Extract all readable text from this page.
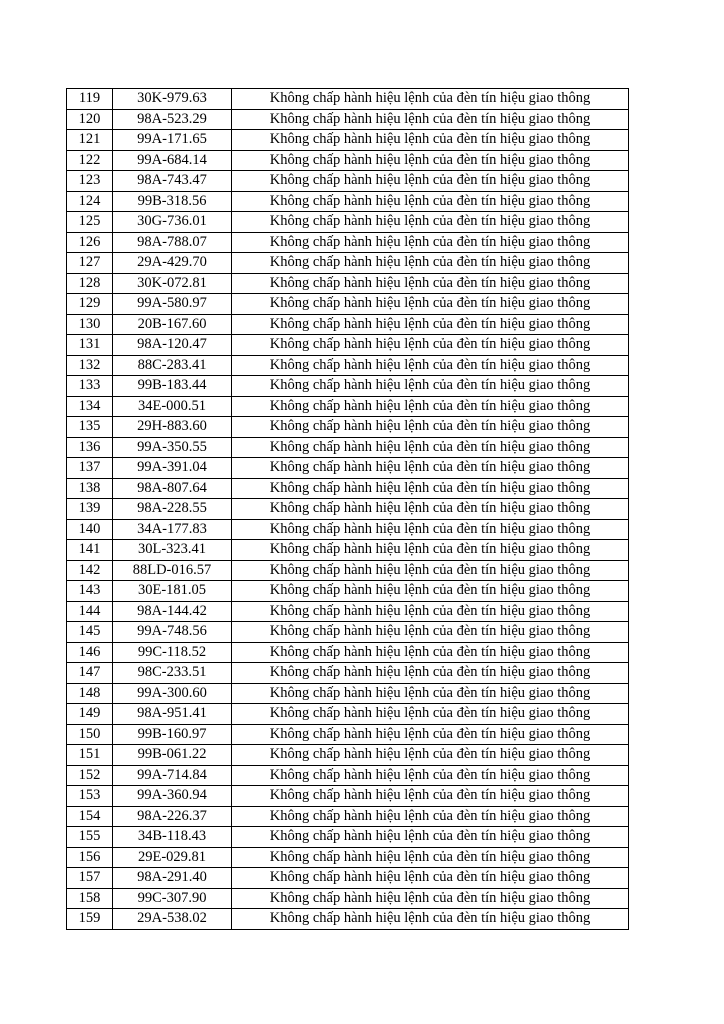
119	30K-979.63	Không chấp hành hiệu lệnh của đèn tín hiệu giao thông
120	98A-523.29	Không chấp hành hiệu lệnh của đèn tín hiệu giao thông
121	99A-171.65	Không chấp hành hiệu lệnh của đèn tín hiệu giao thông
122	99A-684.14	Không chấp hành hiệu lệnh của đèn tín hiệu giao thông
123	98A-743.47	Không chấp hành hiệu lệnh của đèn tín hiệu giao thông
124	99B-318.56	Không chấp hành hiệu lệnh của đèn tín hiệu giao thông
125	30G-736.01	Không chấp hành hiệu lệnh của đèn tín hiệu giao thông
126	98A-788.07	Không chấp hành hiệu lệnh của đèn tín hiệu giao thông
127	29A-429.70	Không chấp hành hiệu lệnh của đèn tín hiệu giao thông
128	30K-072.81	Không chấp hành hiệu lệnh của đèn tín hiệu giao thông
129	99A-580.97	Không chấp hành hiệu lệnh của đèn tín hiệu giao thông
130	20B-167.60	Không chấp hành hiệu lệnh của đèn tín hiệu giao thông
131	98A-120.47	Không chấp hành hiệu lệnh của đèn tín hiệu giao thông
132	88C-283.41	Không chấp hành hiệu lệnh của đèn tín hiệu giao thông
133	99B-183.44	Không chấp hành hiệu lệnh của đèn tín hiệu giao thông
134	34E-000.51	Không chấp hành hiệu lệnh của đèn tín hiệu giao thông
135	29H-883.60	Không chấp hành hiệu lệnh của đèn tín hiệu giao thông
136	99A-350.55	Không chấp hành hiệu lệnh của đèn tín hiệu giao thông
137	99A-391.04	Không chấp hành hiệu lệnh của đèn tín hiệu giao thông
138	98A-807.64	Không chấp hành hiệu lệnh của đèn tín hiệu giao thông
139	98A-228.55	Không chấp hành hiệu lệnh của đèn tín hiệu giao thông
140	34A-177.83	Không chấp hành hiệu lệnh của đèn tín hiệu giao thông
141	30L-323.41	Không chấp hành hiệu lệnh của đèn tín hiệu giao thông
142	88LD-016.57	Không chấp hành hiệu lệnh của đèn tín hiệu giao thông
143	30E-181.05	Không chấp hành hiệu lệnh của đèn tín hiệu giao thông
144	98A-144.42	Không chấp hành hiệu lệnh của đèn tín hiệu giao thông
145	99A-748.56	Không chấp hành hiệu lệnh của đèn tín hiệu giao thông
146	99C-118.52	Không chấp hành hiệu lệnh của đèn tín hiệu giao thông
147	98C-233.51	Không chấp hành hiệu lệnh của đèn tín hiệu giao thông
148	99A-300.60	Không chấp hành hiệu lệnh của đèn tín hiệu giao thông
149	98A-951.41	Không chấp hành hiệu lệnh của đèn tín hiệu giao thông
150	99B-160.97	Không chấp hành hiệu lệnh của đèn tín hiệu giao thông
151	99B-061.22	Không chấp hành hiệu lệnh của đèn tín hiệu giao thông
152	99A-714.84	Không chấp hành hiệu lệnh của đèn tín hiệu giao thông
153	99A-360.94	Không chấp hành hiệu lệnh của đèn tín hiệu giao thông
154	98A-226.37	Không chấp hành hiệu lệnh của đèn tín hiệu giao thông
155	34B-118.43	Không chấp hành hiệu lệnh của đèn tín hiệu giao thông
156	29E-029.81	Không chấp hành hiệu lệnh của đèn tín hiệu giao thông
157	98A-291.40	Không chấp hành hiệu lệnh của đèn tín hiệu giao thông
158	99C-307.90	Không chấp hành hiệu lệnh của đèn tín hiệu giao thông
159	29A-538.02	Không chấp hành hiệu lệnh của đèn tín hiệu giao thông
